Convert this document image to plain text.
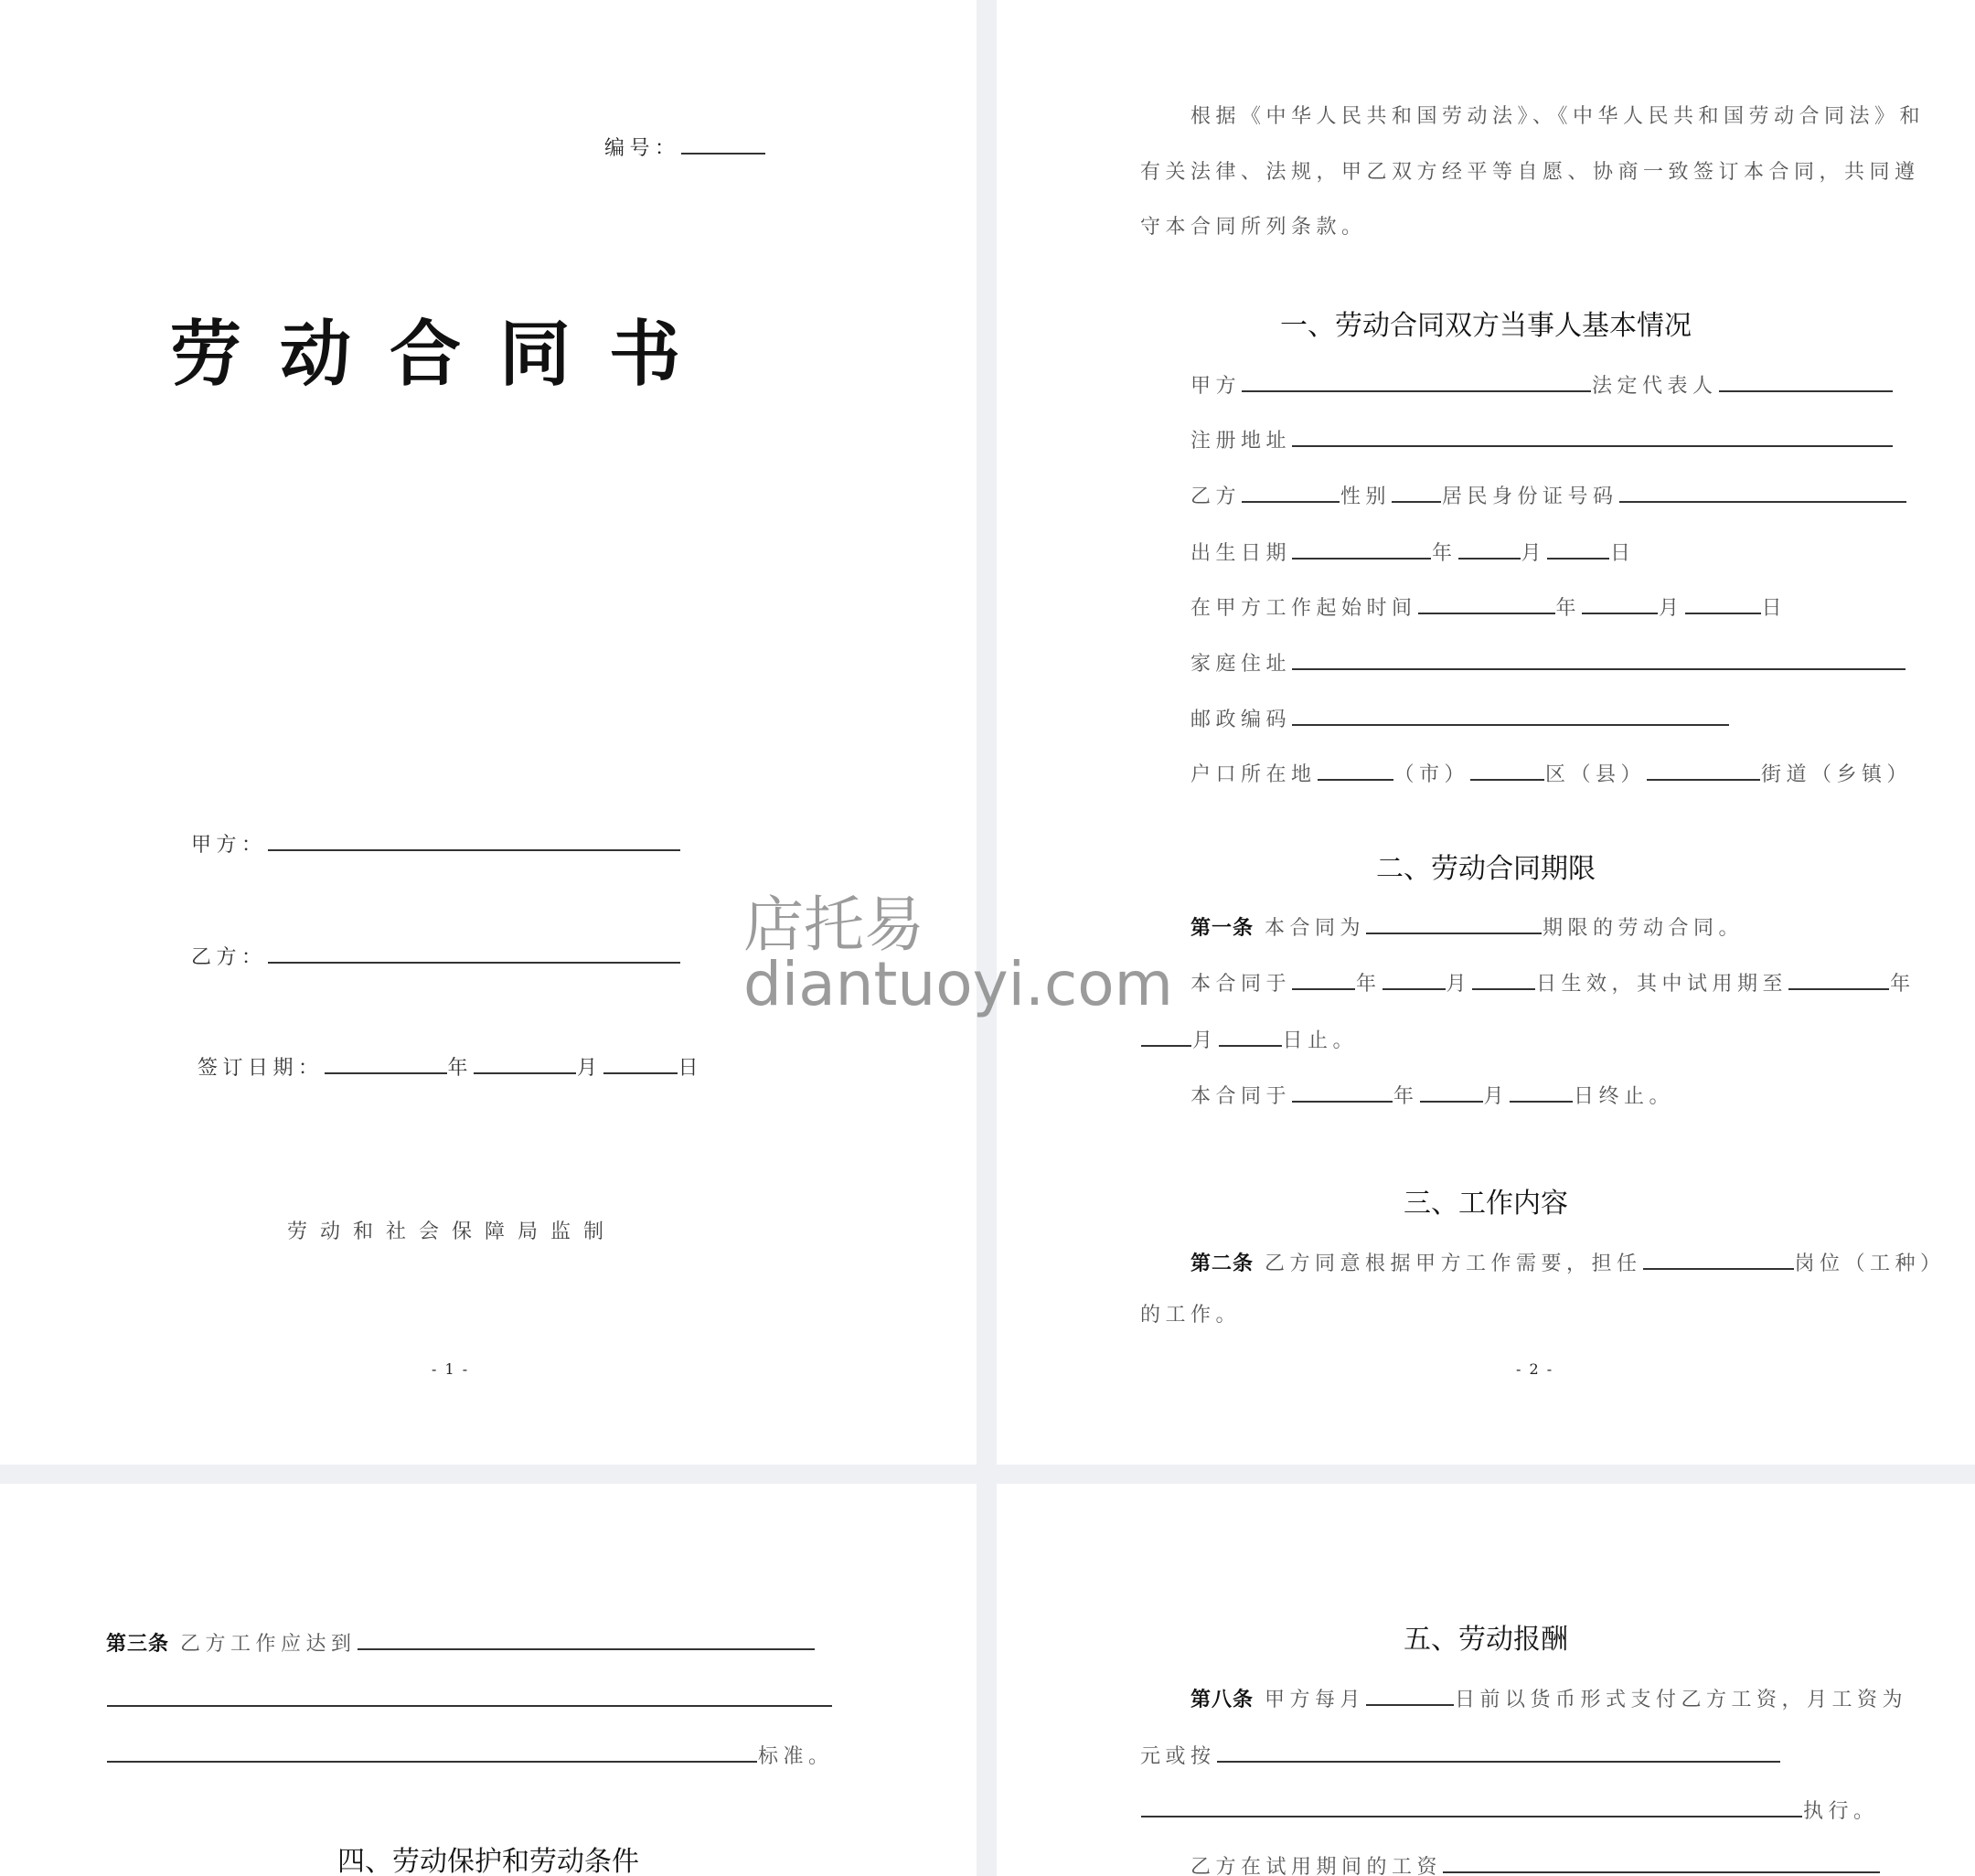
编号：
劳动合同书
甲方：
乙方：
签订日期：	年	月	日
劳动和社会保障局监制
- 1 -
店托易
diantuoyi.com
根据《中华人民共和国劳动法》、《中华人民共和国劳动合同法》和
有关法律、法规，甲乙双方经平等自愿、协商一致签订本合同，共同遵
守本合同所列条款。
一、劳动合同双方当事人基本情况
甲方	法定代表人
注册地址
乙方	性别	居民身份证号码
出生日期	年	月	日
在甲方工作起始时间	年	月	日
家庭住址
邮政编码
户口所在地	（市）	区（县）	街道（乡镇）
二、劳动合同期限
第一条 本合同为	期限的劳动合同。
本合同于	年	月	日生效，其中试用期至	年
月	日止。
本合同于	年	月	日终止。
三、工作内容
第二条 乙方同意根据甲方工作需要，担任	岗位（工种）
的工作。
- 2 -
第三条 乙方工作应达到
标准。
四、劳动保护和劳动条件
五、劳动报酬
第八条 甲方每月	日前以货币形式支付乙方工资，月工资为
元或按
执行。
乙方在试用期间的工资
